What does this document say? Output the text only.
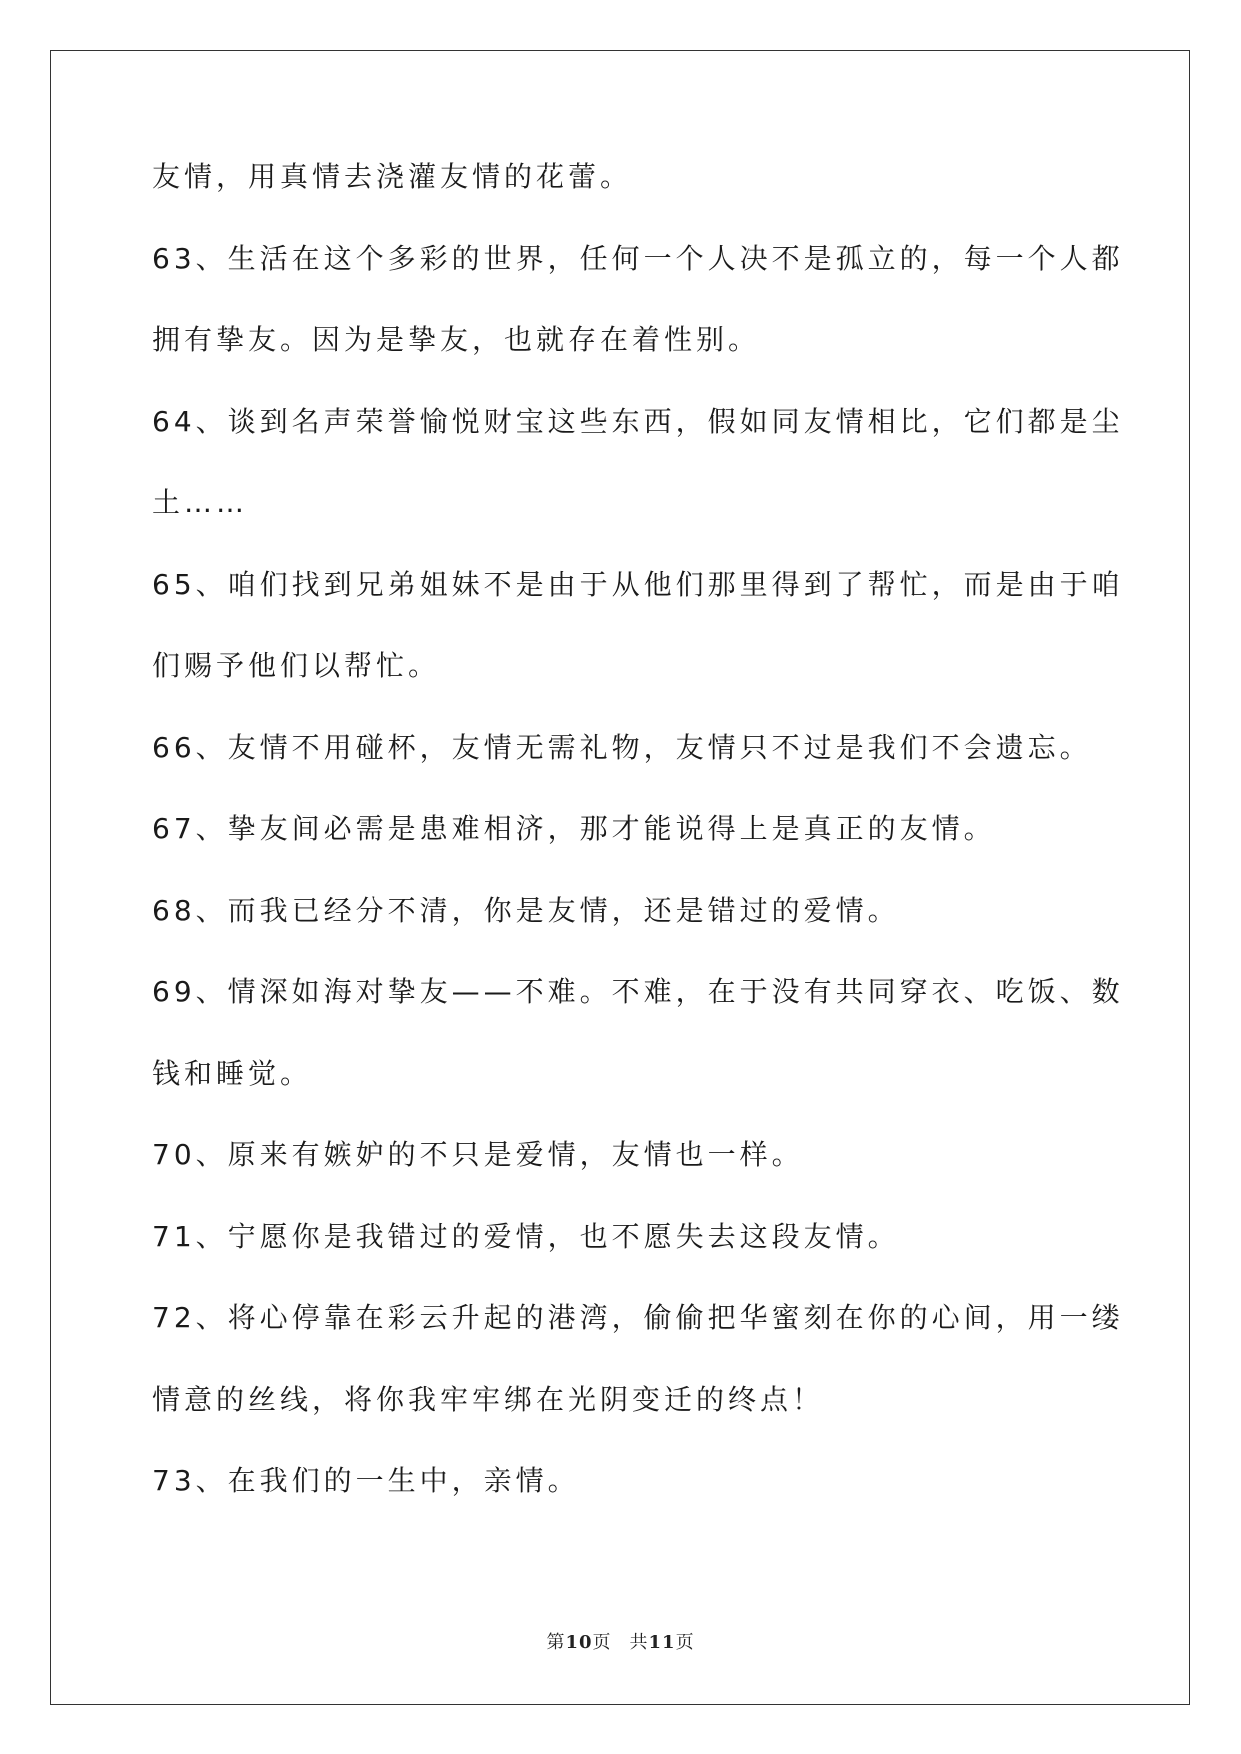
友情，用真情去浇灌友情的花蕾。
63、生活在这个多彩的世界，任何一个人决不是孤立的，每一个人都
拥有挚友。因为是挚友，也就存在着性别。
64、谈到名声荣誉愉悦财宝这些东西，假如同友情相比，它们都是尘
土……
65、咱们找到兄弟姐妹不是由于从他们那里得到了帮忙，而是由于咱
们赐予他们以帮忙。
66、友情不用碰杯，友情无需礼物，友情只不过是我们不会遗忘。
67、挚友间必需是患难相济，那才能说得上是真正的友情。
68、而我已经分不清，你是友情，还是错过的爱情。
69、情深如海对挚友——不难。不难，在于没有共同穿衣、吃饭、数
钱和睡觉。
70、原来有嫉妒的不只是爱情，友情也一样。
71、宁愿你是我错过的爱情，也不愿失去这段友情。
72、将心停靠在彩云升起的港湾，偷偷把华蜜刻在你的心间，用一缕
情意的丝线，将你我牢牢绑在光阴变迁的终点！
73、在我们的一生中，亲情。
第10页 共11页
